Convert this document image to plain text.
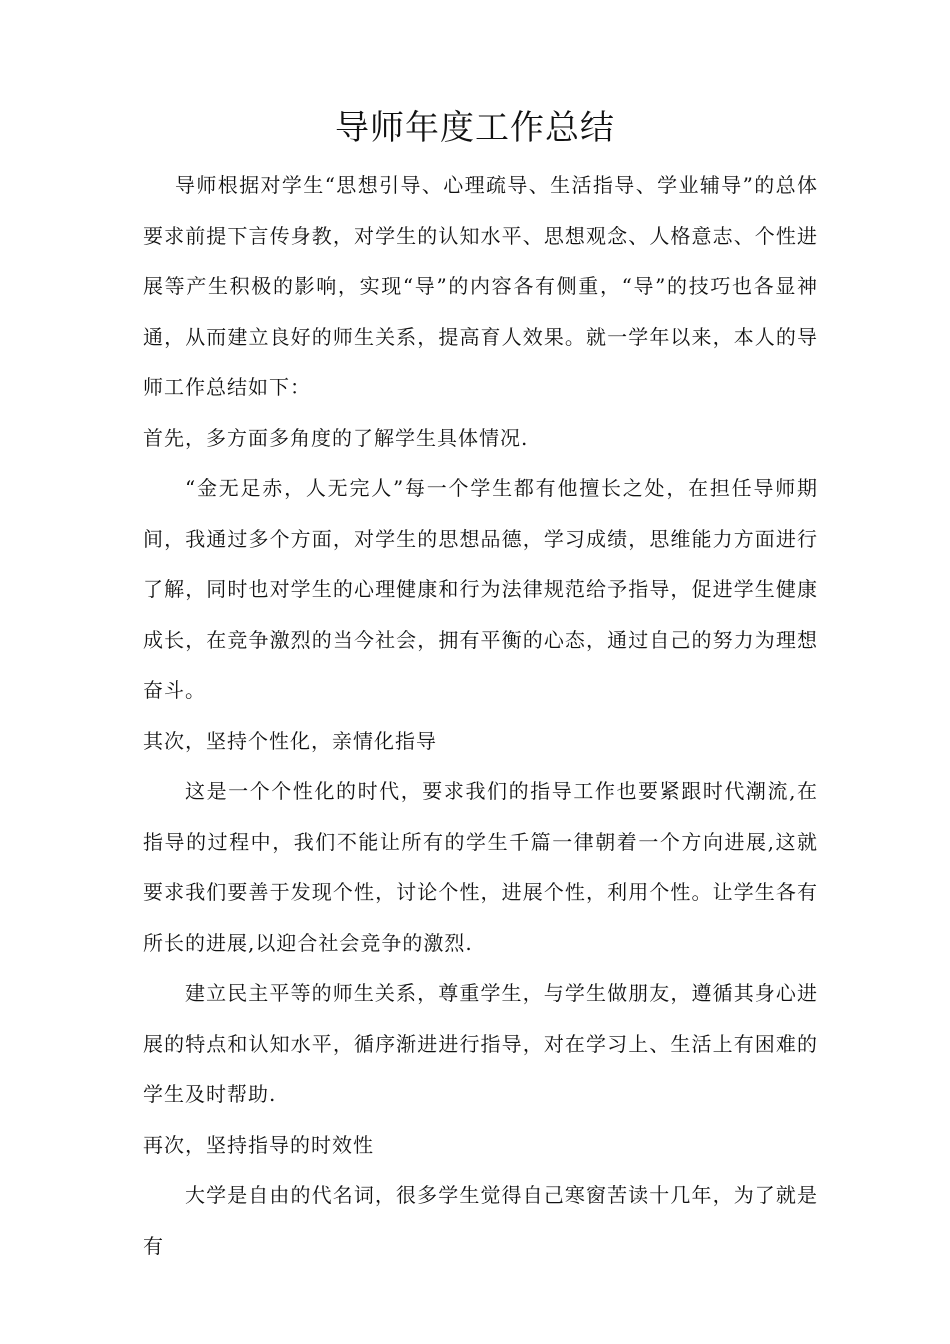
导师年度工作总结

导师根据对学生“思想引导、心理疏导、生活指导、学业辅导”的总体要求前提下言传身教，对学生的认知水平、思想观念、人格意志、个性进展等产生积极的影响，实现“导”的内容各有侧重，“导”的技巧也各显神通，从而建立良好的师生关系，提高育人效果。就一学年以来，本人的导师工作总结如下：

首先，多方面多角度的了解学生具体情况.

“金无足赤，人无完人”每一个学生都有他擅长之处，在担任导师期间，我通过多个方面，对学生的思想品德，学习成绩，思维能力方面进行了解，同时也对学生的心理健康和行为法律规范给予指导，促进学生健康成长，在竞争激烈的当今社会，拥有平衡的心态，通过自己的努力为理想奋斗。

其次，坚持个性化，亲情化指导

这是一个个性化的时代，要求我们的指导工作也要紧跟时代潮流,在指导的过程中，我们不能让所有的学生千篇一律朝着一个方向进展,这就要求我们要善于发现个性，讨论个性，进展个性，利用个性。让学生各有所长的进展,以迎合社会竞争的激烈.

建立民主平等的师生关系，尊重学生，与学生做朋友，遵循其身心进展的特点和认知水平，循序渐进进行指导，对在学习上、生活上有困难的学生及时帮助.

再次，坚持指导的时效性

大学是自由的代名词，很多学生觉得自己寒窗苦读十几年，为了就是有
